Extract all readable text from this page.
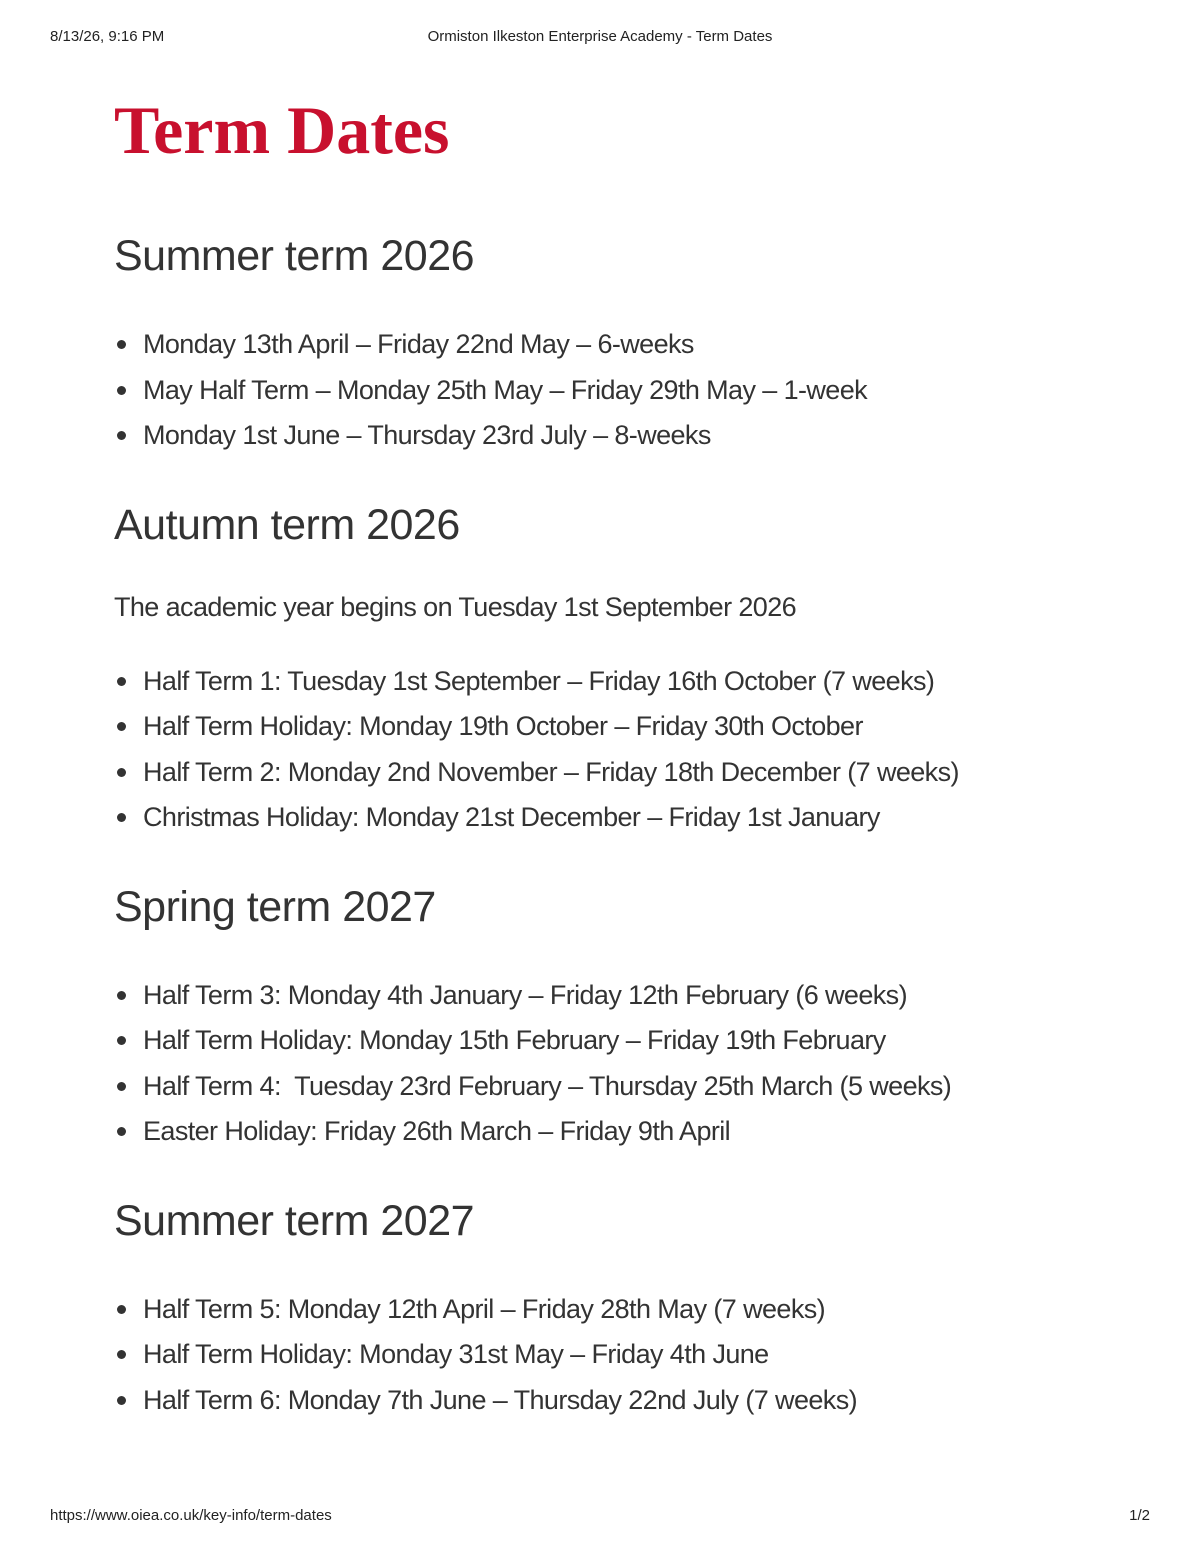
8/13/26, 9:16 PM	Ormiston Ilkeston Enterprise Academy - Term Dates
Term Dates
Summer term 2026
Monday 13th April – Friday 22nd May – 6-weeks
May Half Term – Monday 25th May – Friday 29th May – 1-week
Monday 1st June – Thursday 23rd July – 8-weeks
Autumn term 2026

The academic year begins on Tuesday 1st September 2026

Half Term 1: Tuesday 1st September – Friday 16th October (7 weeks)
Half Term Holiday: Monday 19th October – Friday 30th October
Half Term 2: Monday 2nd November – Friday 18th December (7 weeks)
Christmas Holiday: Monday 21st December – Friday 1st January
Spring term 2027
Half Term 3: Monday 4th January – Friday 12th February (6 weeks)
Half Term Holiday: Monday 15th February – Friday 19th February
Half Term 4:  Tuesday 23rd February – Thursday 25th March (5 weeks)
Easter Holiday: Friday 26th March – Friday 9th April
Summer term 2027
Half Term 5: Monday 12th April – Friday 28th May (7 weeks)
Half Term Holiday: Monday 31st May – Friday 4th June
Half Term 6: Monday 7th June – Thursday 22nd July (7 weeks)
https://www.oiea.co.uk/key-info/term-dates	1/2
